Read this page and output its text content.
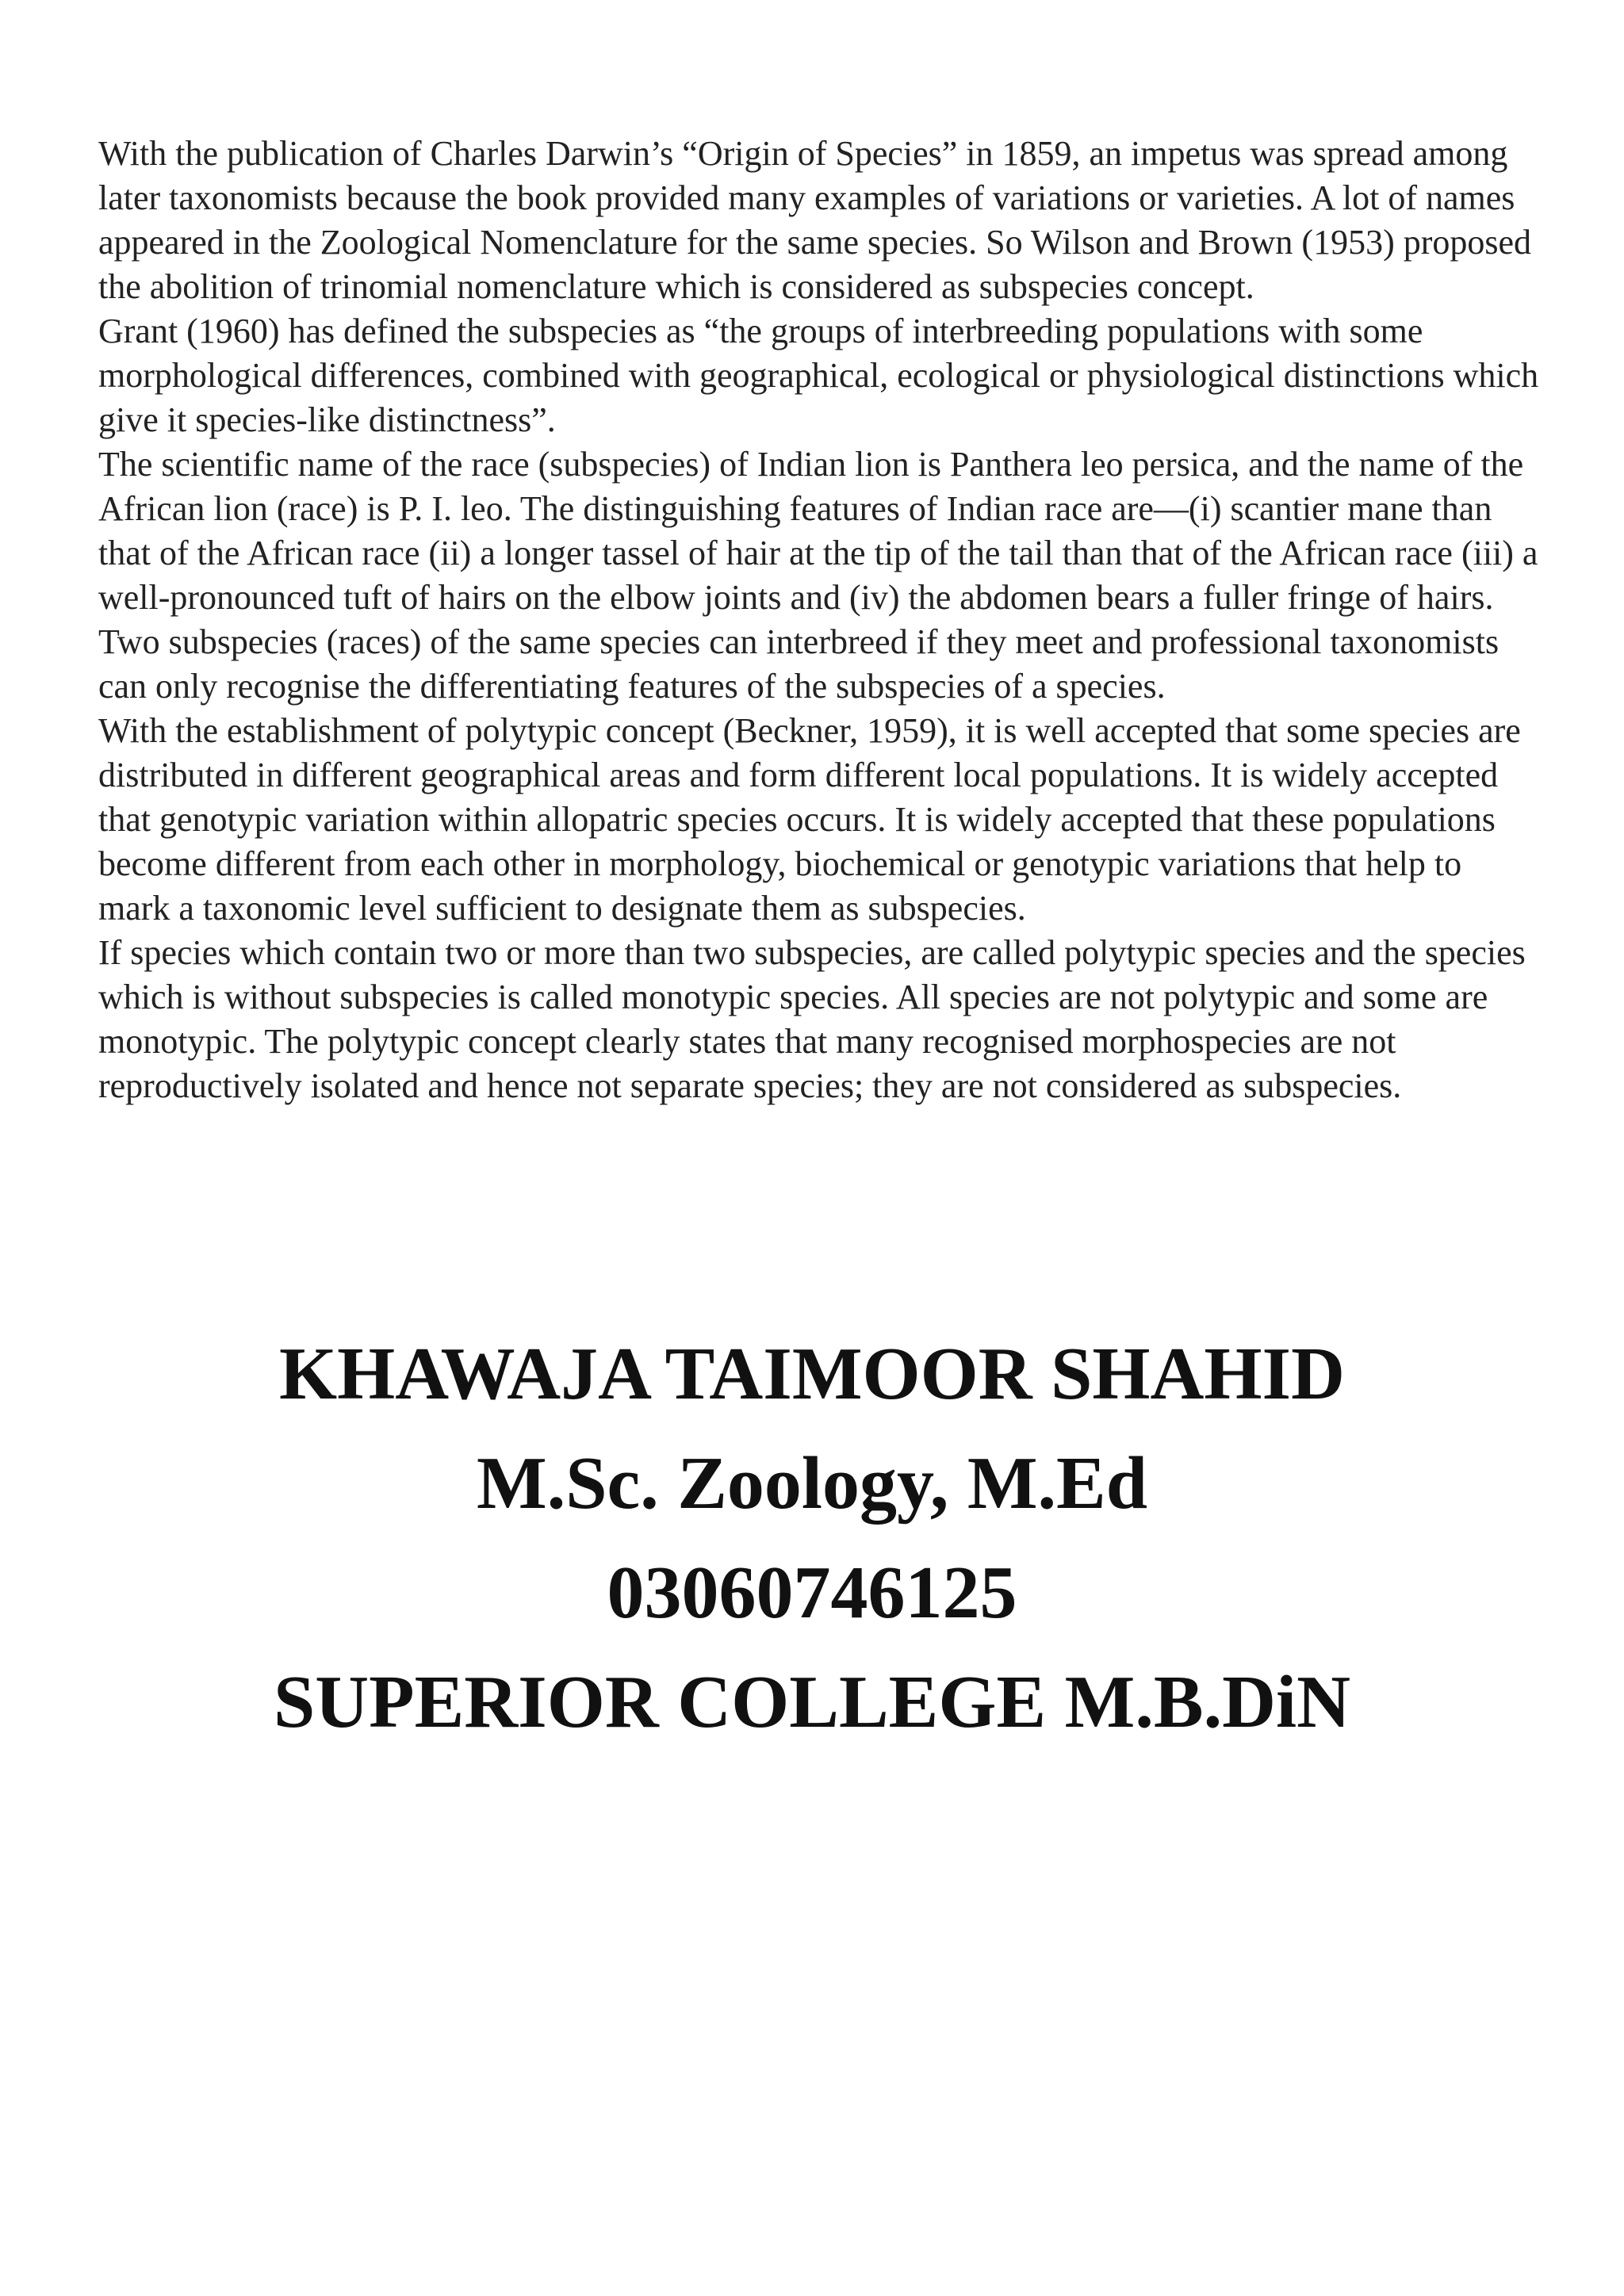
With the publication of Charles Darwin’s “Origin of Species” in 1859, an impetus was spread among later taxonomists because the book provided many examples of variations or varieties. A lot of names appeared in the Zoological Nomenclature for the same species. So Wilson and Brown (1953) proposed the abolition of trinomial nomenclature which is considered as subspecies concept.

Grant (1960) has defined the subspecies as “the groups of interbreeding populations with some morphological differences, combined with geographical, ecological or physiological distinctions which give it species-like distinctness”.

The scientific name of the race (subspecies) of Indian lion is Panthera leo persica, and the name of the African lion (race) is P. I. leo. The distinguishing features of Indian race are—(i) scantier mane than that of the African race (ii) a longer tassel of hair at the tip of the tail than that of the African race (iii) a well-pronounced tuft of hairs on the elbow joints and (iv) the abdomen bears a fuller fringe of hairs. Two subspecies (races) of the same species can interbreed if they meet and professional taxonomists can only recognise the differentiating features of the subspecies of a species.

With the establishment of polytypic concept (Beckner, 1959), it is well accepted that some species are distributed in different geographical areas and form different local populations. It is widely accepted that genotypic variation within allopatric species occurs. It is widely accepted that these populations become different from each other in morphology, biochemical or genotypic variations that help to mark a taxonomic level sufficient to designate them as subspecies.

If species which contain two or more than two subspecies, are called polytypic species and the species which is without subspecies is called monotypic species. All species are not polytypic and some are monotypic. The polytypic concept clearly states that many recognised morphospecies are not reproductively isolated and hence not separate species; they are not considered as subspecies.

KHAWAJA TAIMOOR SHAHID
M.Sc. Zoology, M.Ed
03060746125
SUPERIOR COLLEGE M.B.DiN
